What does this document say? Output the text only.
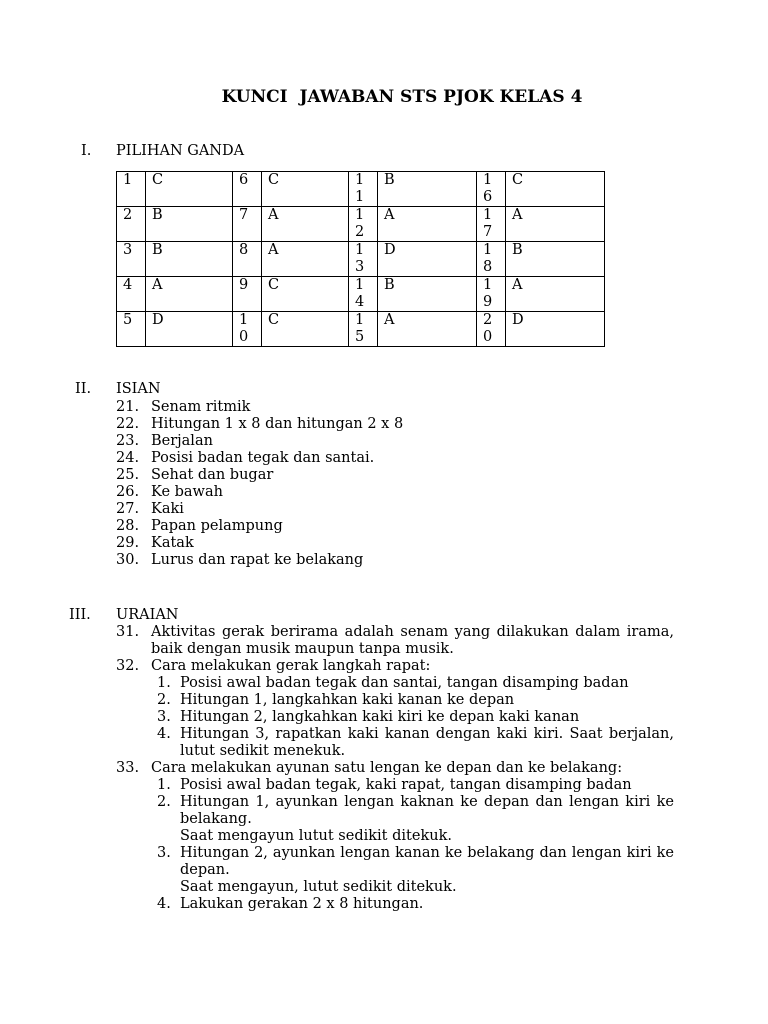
KUNCI  JAWABAN STS PJOK KELAS 4
I. PILIHAN GANDA
1	C	6	C	11	B	16	C

2	B	7	A	12	A	17	A

3	B	8	A	13	D	18	B

4	A	9	C	14	B	19	A

5	D	10	C	15	A	20	D
II. ISIAN
21. Senam ritmik
22. Hitungan 1 x 8 dan hitungan 2 x 8
23. Berjalan
24. Posisi badan tegak dan santai.
25. Sehat dan bugar
26. Ke bawah
27. Kaki
28. Papan pelampung
29. Katak
30. Lurus dan rapat ke belakang
III. URAIAN
31. Aktivitas gerak berirama adalah senam yang dilakukan dalam irama, baik dengan musik maupun tanpa musik.
32. Cara melakukan gerak langkah rapat:
1. Posisi awal badan tegak dan santai, tangan disamping badan
2. Hitungan 1, langkahkan kaki kanan ke depan
3. Hitungan 2, langkahkan kaki kiri ke depan kaki kanan
4. Hitungan 3, rapatkan kaki kanan dengan kaki kiri. Saat berjalan, lutut sedikit menekuk.
33. Cara melakukan ayunan satu lengan ke depan dan ke belakang:
1. Posisi awal badan tegak, kaki rapat, tangan disamping badan
2. Hitungan 1, ayunkan lengan kaknan ke depan dan lengan kiri ke belakang.
Saat mengayun lutut sedikit ditekuk.
3. Hitungan 2, ayunkan lengan kanan ke belakang dan lengan kiri ke depan.
Saat mengayun, lutut sedikit ditekuk.
4. Lakukan gerakan 2 x 8 hitungan.
